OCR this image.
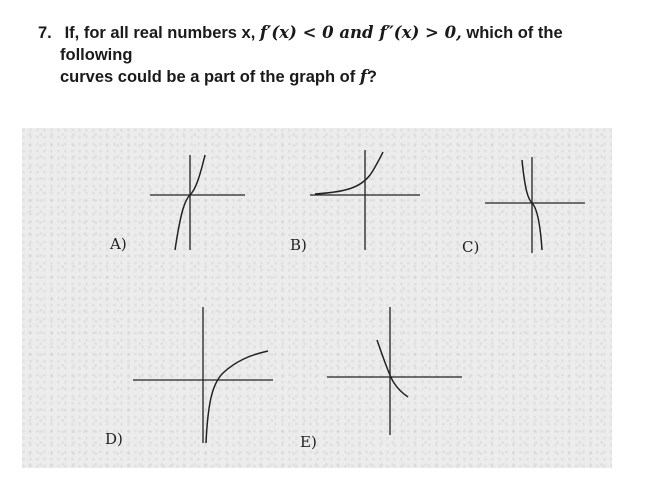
7. If, for all real numbers x, f′(x) < 0 and f″(x) > 0, which of the following
curves could be a part of the graph of f?
A)	B)	C)
D)	E)
